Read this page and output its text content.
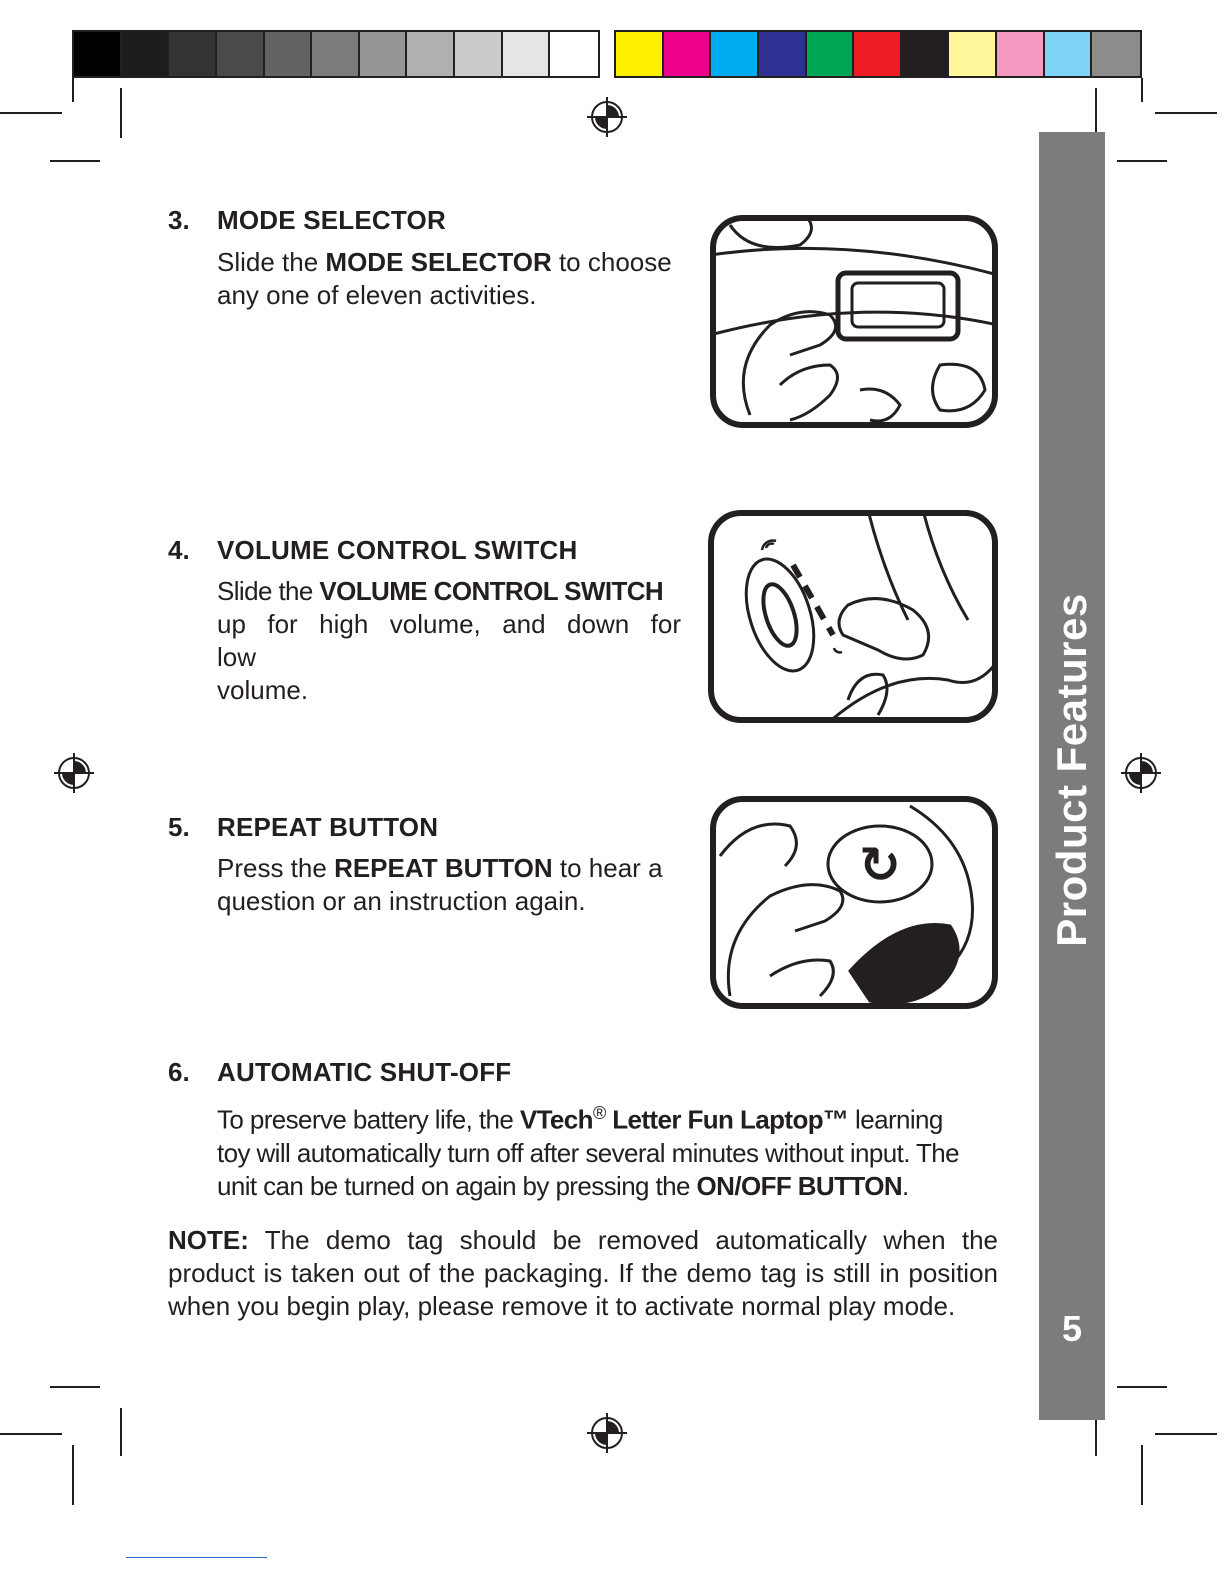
Product Features
5
3. MODE SELECTOR
Slide the MODE SELECTOR to choose
any one of eleven activities.
4. VOLUME CONTROL SWITCH
Slide the VOLUME CONTROL SWITCH
up for high volume, and down for low
volume.
5. REPEAT BUTTON
Press the REPEAT BUTTON to hear a
question or an instruction again.
↻
6. AUTOMATIC SHUT-OFF
To preserve battery life, the VTech® Letter Fun Laptop™ learning
toy will automatically turn off after several minutes without input. The
unit can be turned on again by pressing the ON/OFF BUTTON.
NOTE: The demo tag should be removed automatically when the product is taken out of the packaging. If the demo tag is still in position when you begin play, please remove it to activate normal play mode.
